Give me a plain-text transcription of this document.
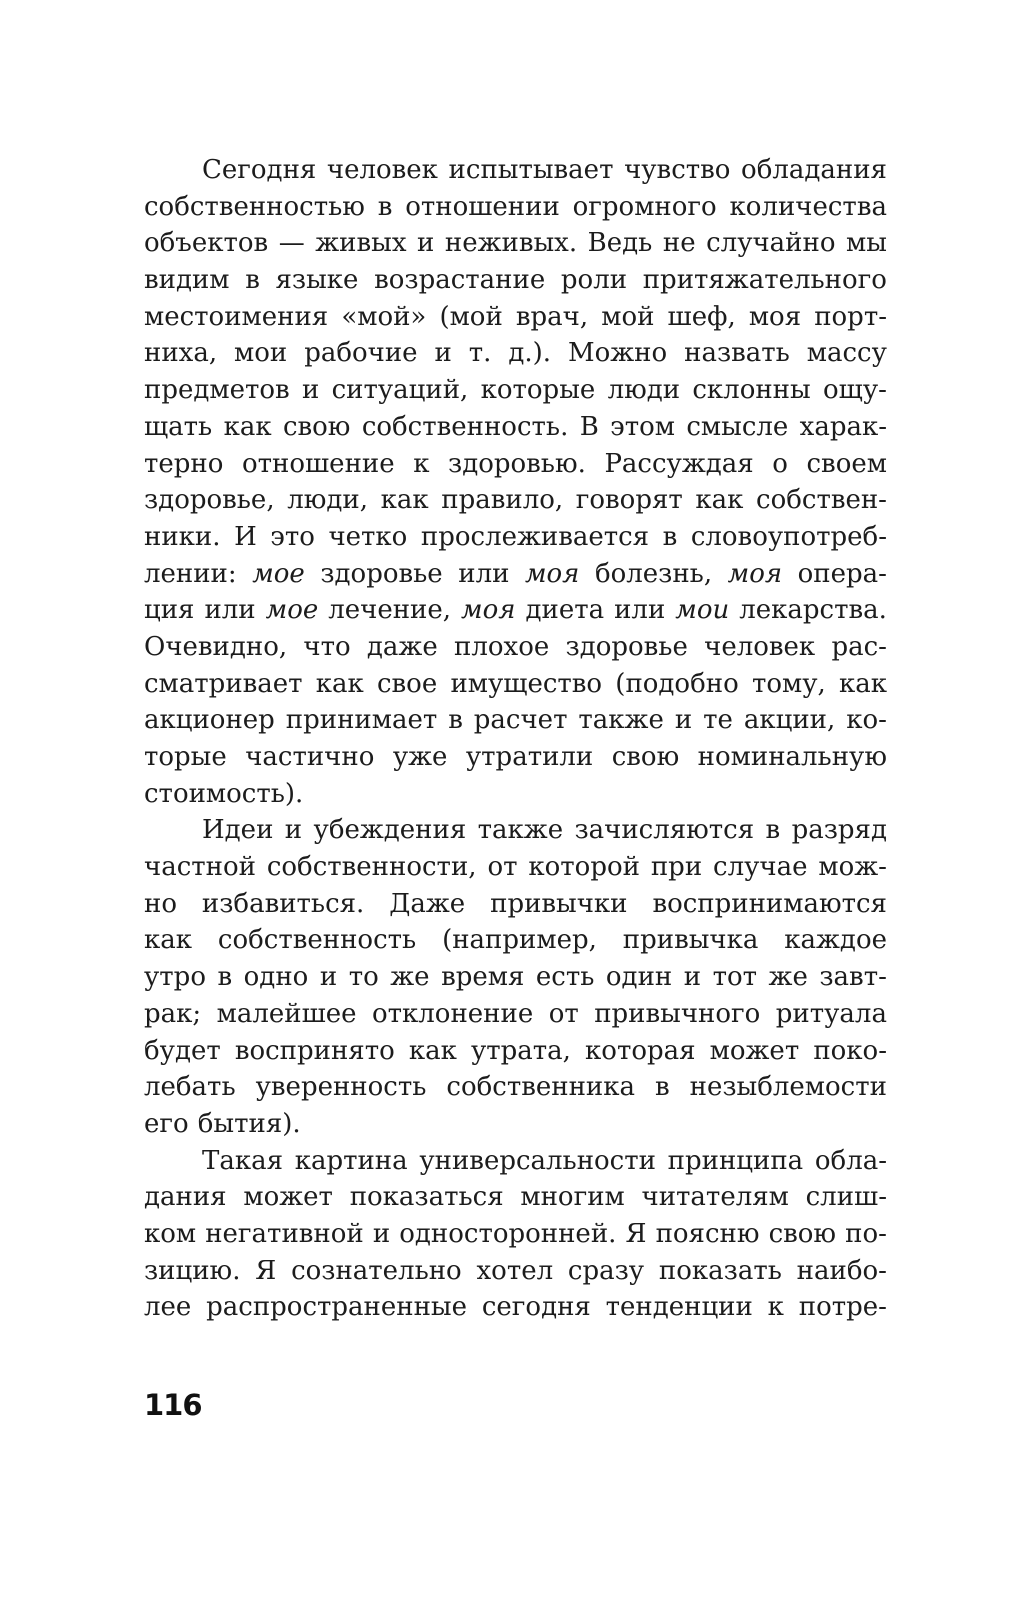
Сегодня человек испытывает чувство обладания
собственностью в отношении огромного количества
объектов — живых и неживых. Ведь не случайно мы
видим в языке возрастание роли притяжательного
местоимения «мой» (мой врач, мой шеф, моя порт-
ниха, мои рабочие и т. д.). Можно назвать массу
предметов и ситуаций, которые люди склонны ощу-
щать как свою собственность. В этом смысле харак-
терно отношение к здоровью. Рассуждая о своем
здоровье, люди, как правило, говорят как собствен-
ники. И это четко прослеживается в словоупотреб-
лении: мое здоровье или моя болезнь, моя опера-
ция или мое лечение, моя диета или мои лекарства.
Очевидно, что даже плохое здоровье человек рас-
сматривает как свое имущество (подобно тому, как
акционер принимает в расчет также и те акции, ко-
торые частично уже утратили свою номинальную
стоимость).
Идеи и убеждения также зачисляются в разряд
частной собственности, от которой при случае мож-
но избавиться. Даже привычки воспринимаются
как собственность (например, привычка каждое
утро в одно и то же время есть один и тот же завт-
рак; малейшее отклонение от привычного ритуала
будет воспринято как утрата, которая может поко-
лебать уверенность собственника в незыблемости
его бытия).
Такая картина универсальности принципа обла-
дания может показаться многим читателям слиш-
ком негативной и односторонней. Я поясню свою по-
зицию. Я сознательно хотел сразу показать наибо-
лее распространенные сегодня тенденции к потре-
116
